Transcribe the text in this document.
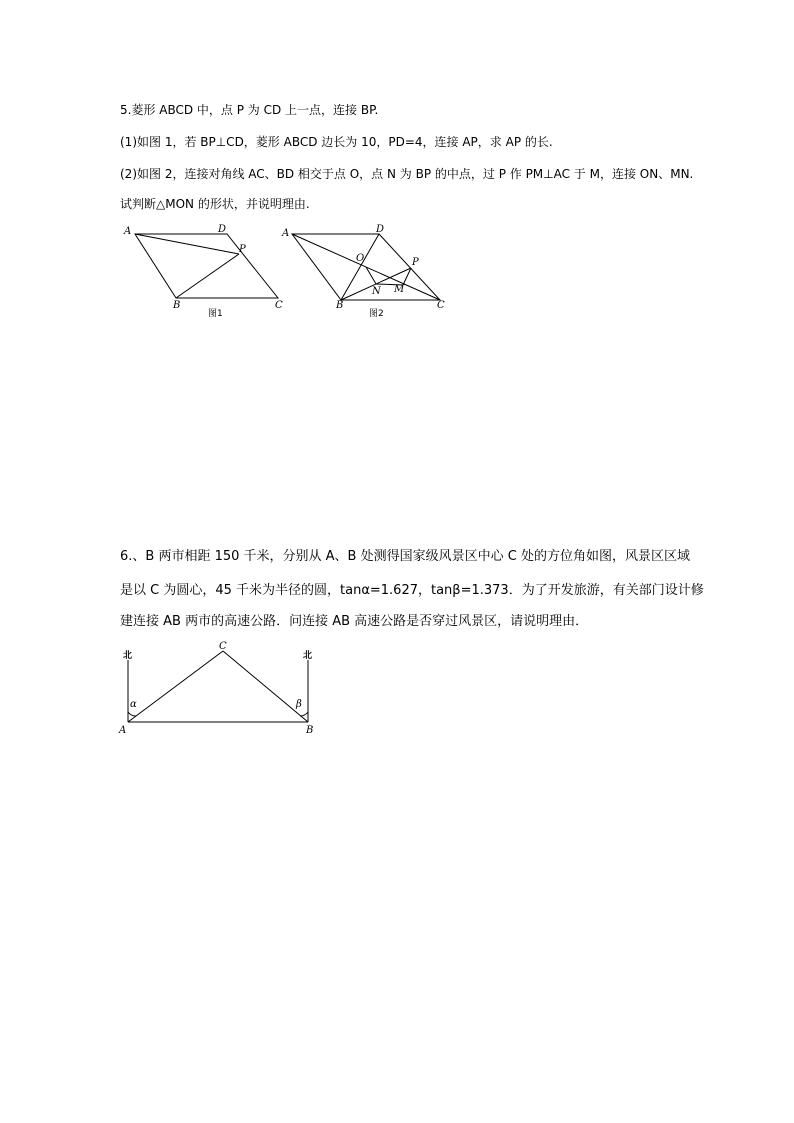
5.菱形 ABCD 中，点 P 为 CD 上一点，连接 BP.
(1)如图 1，若 BP⊥CD，菱形 ABCD 边长为 10，PD=4，连接 AP，求 AP 的长.
(2)如图 2，连接对角线 AC、BD 相交于点 O，点 N 为 BP 的中点，过 P 作 PM⊥AC 于 M，连接 ON、MN.
试判断△MON 的形状，并说明理由.
A	D
P
B	C
图1
A	D
O	P
N M
B	C
图2
6.、B 两市相距 150 千米，分别从 A、B 处测得国家级风景区中心 C 处的方位角如图，风景区区域
是以 C 为圆心，45 千米为半径的圆，tanα=1.627，tanβ=1.373．为了开发旅游，有关部门设计修
建连接 AB 两市的高速公路．问连接 AB 高速公路是否穿过风景区，请说明理由．
北	北
C
α	β
A	B
